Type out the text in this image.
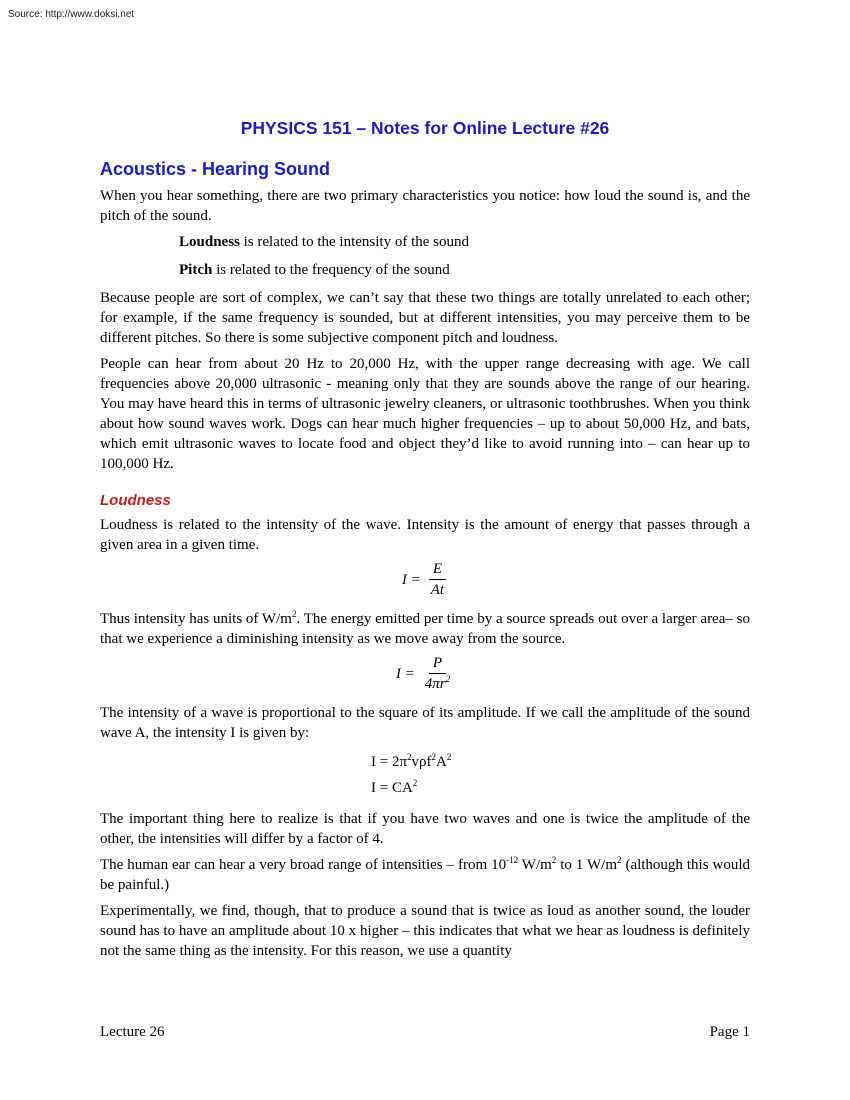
Source: http://www.doksi.net
PHYSICS 151 – Notes for Online Lecture #26
Acoustics - Hearing Sound

When you hear something, there are two primary characteristics you notice: how loud the sound is, and the pitch of the sound.

Loudness is related to the intensity of the sound

Pitch is related to the frequency of the sound

Because people are sort of complex, we can’t say that these two things are totally unrelated to each other; for example, if the same frequency is sounded, but at different intensities, you may perceive them to be different pitches. So there is some subjective component pitch and loudness.

People can hear from about 20 Hz to 20,000 Hz, with the upper range decreasing with age. We call frequencies above 20,000 ultrasonic - meaning only that they are sounds above the range of our hearing. You may have heard this in terms of ultrasonic jewelry cleaners, or ultrasonic toothbrushes. When you think about how sound waves work. Dogs can hear much higher frequencies – up to about 50,000 Hz, and bats, which emit ultrasonic waves to locate food and object they’d like to avoid running into – can hear up to 100,000 Hz.

Loudness

Loudness is related to the intensity of the wave. Intensity is the amount of energy that passes through a given area in a given time.

$I = \frac{E}{At}$

Thus intensity has units of $W/m^2$. The energy emitted per time by a source spreads out over a larger area– so that we experience a diminishing intensity as we move away from the source.

$I = \frac{P}{4\pi r^2}$

The intensity of a wave is proportional to the square of its amplitude. If we call the amplitude of the sound wave A, the intensity I is given by:

$I = 2\pi^2v\rho f^2A^2$
$I = CA^2$

The important thing here to realize is that if you have two waves and one is twice the amplitude of the other, the intensities will differ by a factor of 4.

The human ear can hear a very broad range of intensities – from $10^{-12}$ $W/m^2$ to 1 $W/m^2$ (although this would be painful.)

Experimentally, we find, though, that to produce a sound that is twice as loud as another sound, the louder sound has to have an amplitude about 10 x higher – this indicates that what we hear as loudness is definitely not the same thing as the intensity. For this reason, we use a quantity

Lecture 26	Page 1
